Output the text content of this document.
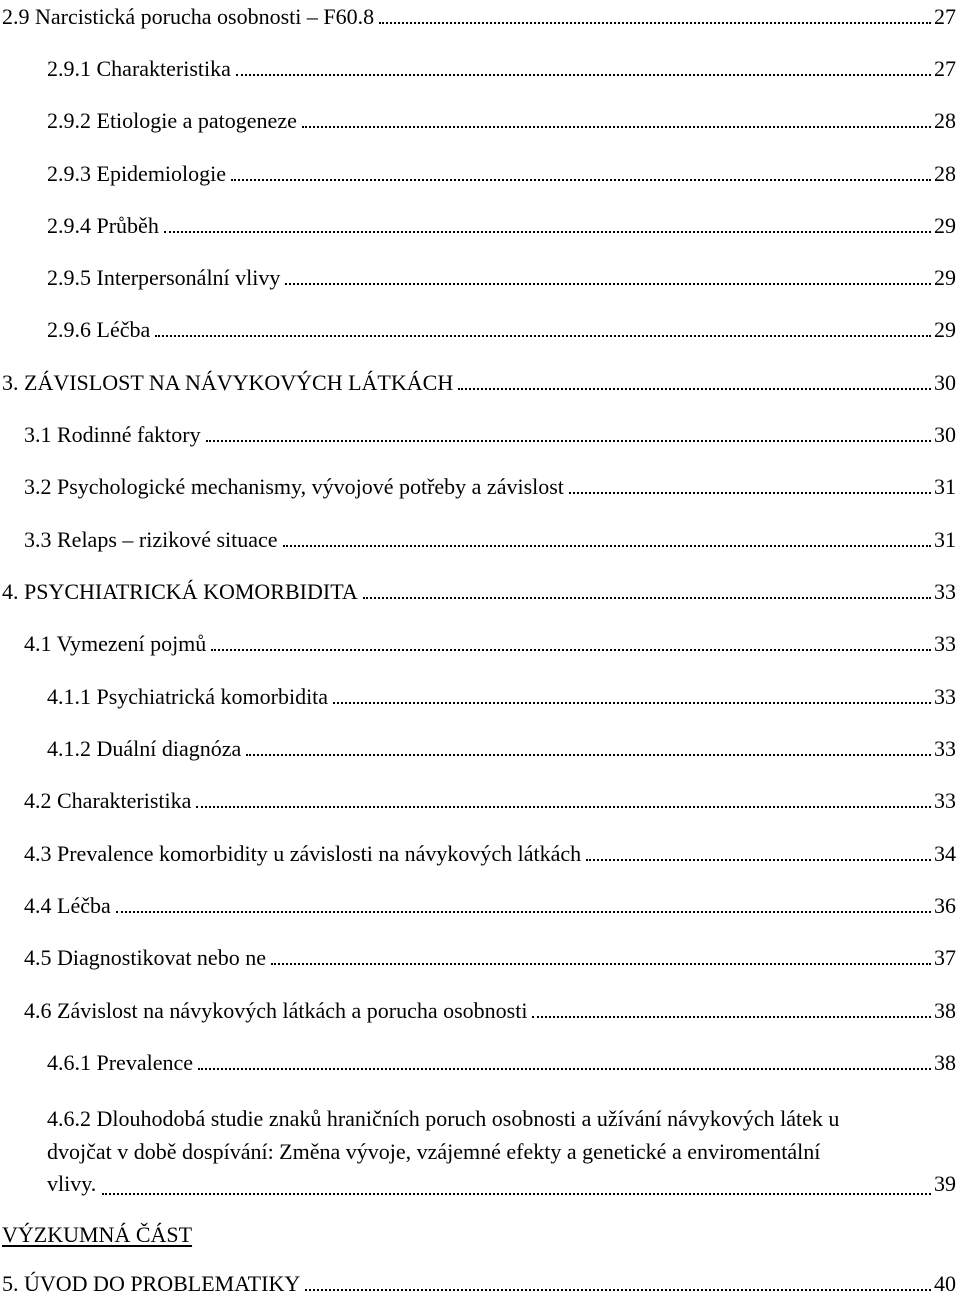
2.9 Narcistická porucha osobnosti – F60.8	27
2.9.1 Charakteristika	27
2.9.2 Etiologie a patogeneze	28
2.9.3 Epidemiologie	28
2.9.4 Průběh	29
2.9.5 Interpersonální vlivy	29
2.9.6 Léčba	29
3. ZÁVISLOST NA NÁVYKOVÝCH LÁTKÁCH	30
3.1 Rodinné faktory	30
3.2 Psychologické mechanismy, vývojové potřeby a závislost	31
3.3 Relaps – rizikové situace	31
4. PSYCHIATRICKÁ KOMORBIDITA	33
4.1 Vymezení pojmů	33
4.1.1 Psychiatrická komorbidita	33
4.1.2 Duální diagnóza	33
4.2 Charakteristika	33
4.3 Prevalence komorbidity u závislosti na návykových látkách	34
4.4 Léčba	36
4.5 Diagnostikovat nebo ne	37
4.6 Závislost na návykových látkách a porucha osobnosti	38
4.6.1 Prevalence	38
4.6.2 Dlouhodobá studie znaků hraničních poruch osobnosti a užívání návykových látek u
dvojčat v době dospívání: Změna vývoje, vzájemné efekty a genetické a enviromentální
vlivy.	39
VÝZKUMNÁ ČÁST
5. ÚVOD DO PROBLEMATIKY	40
